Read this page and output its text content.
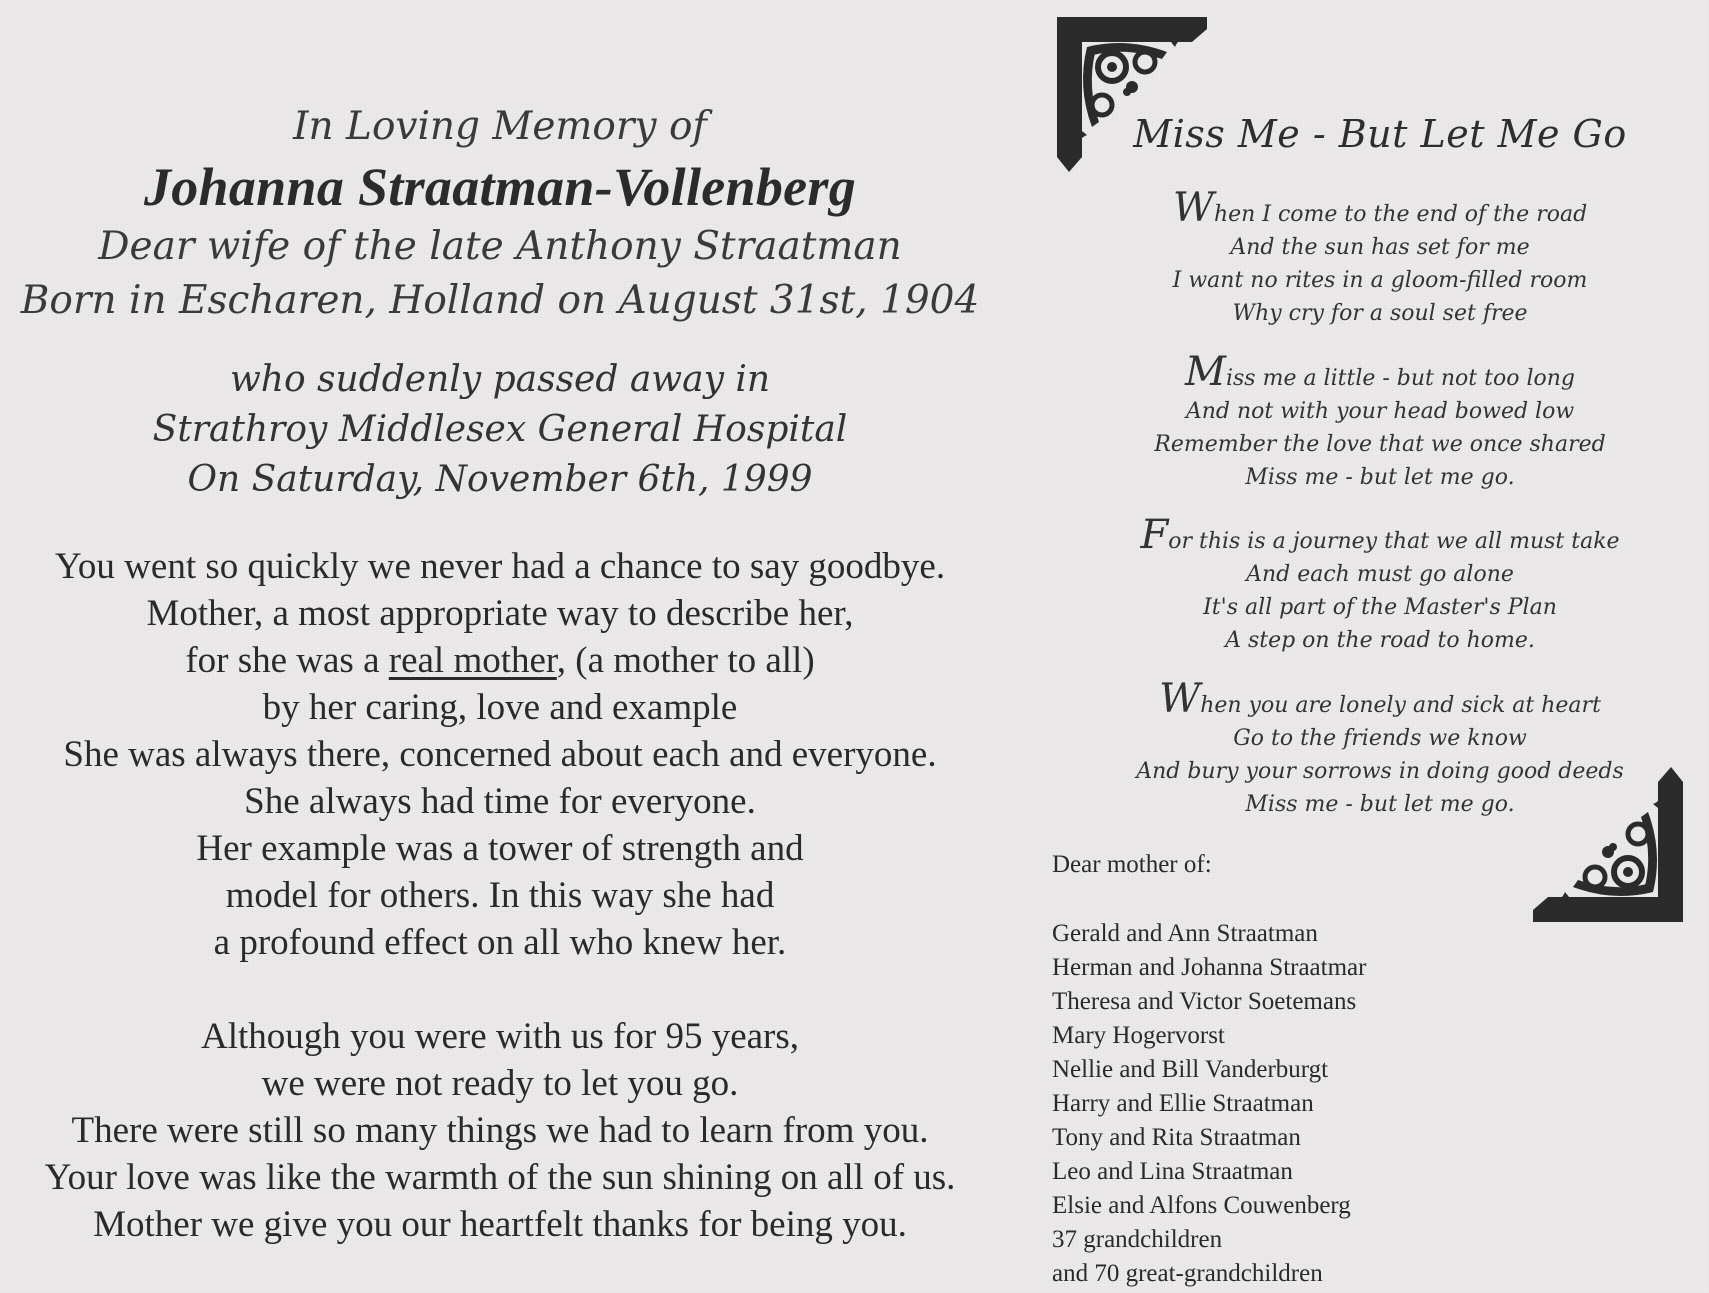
In Loving Memory of
Johanna Straatman-Vollenberg
Dear wife of the late Anthony Straatman
Born in Escharen, Holland on August 31st, 1904
who suddenly passed away in
Strathroy Middlesex General Hospital
On Saturday, November 6th, 1999
You went so quickly we never had a chance to say goodbye.
Mother, a most appropriate way to describe her,
for she was a real mother, (a mother to all)
by her caring, love and example
She was always there, concerned about each and everyone.
She always had time for everyone.
Her example was a tower of strength and
model for others. In this way she had
a profound effect on all who knew her.
Although you were with us for 95 years,
we were not ready to let you go.
There were still so many things we had to learn from you.
Your love was like the warmth of the sun shining on all of us.
Mother we give you our heartfelt thanks for being you.
Miss Me - But Let Me Go
When I come to the end of the road
And the sun has set for me
I want no rites in a gloom-filled room
Why cry for a soul set free
Miss me a little - but not too long
And not with your head bowed low
Remember the love that we once shared
Miss me - but let me go.
For this is a journey that we all must take
And each must go alone
It's all part of the Master's Plan
A step on the road to home.
When you are lonely and sick at heart
Go to the friends we know
And bury your sorrows in doing good deeds
Miss me - but let me go.
Dear mother of:
Gerald and Ann Straatman
Herman and Johanna Straatmar
Theresa and Victor Soetemans
Mary Hogervorst
Nellie and Bill Vanderburgt
Harry and Ellie Straatman
Tony and Rita Straatman
Leo and Lina Straatman
Elsie and Alfons Couwenberg
37 grandchildren
and 70 great-grandchildren
